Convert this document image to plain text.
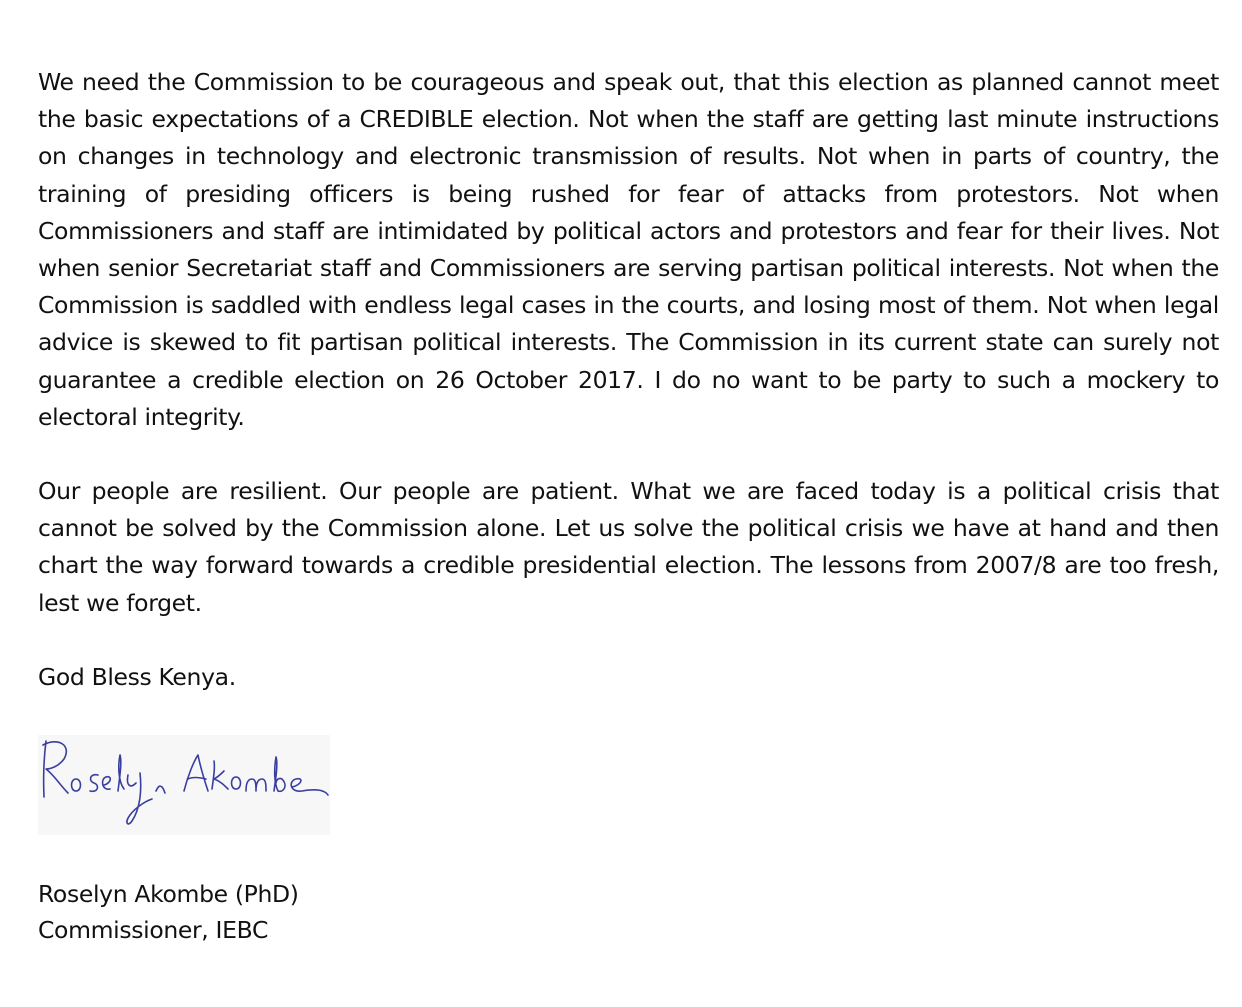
We need the Commission to be courageous and speak out, that this election as planned cannot meet the basic expectations of a CREDIBLE election. Not when the staff are getting last minute instructions on changes in technology and electronic transmission of results. Not when in parts of country, the training of presiding officers is being rushed for fear of attacks from protestors. Not when Commissioners and staff are intimidated by political actors and protestors and fear for their lives. Not when senior Secretariat staff and Commissioners are serving partisan political interests. Not when the Commission is saddled with endless legal cases in the courts, and losing most of them. Not when legal advice is skewed to fit partisan political interests. The Commission in its current state can surely not guarantee a credible election on 26 October 2017. I do no want to be party to such a mockery to electoral integrity.

Our people are resilient. Our people are patient. What we are faced today is a political crisis that cannot be solved by the Commission alone. Let us solve the political crisis we have at hand and then chart the way forward towards a credible presidential election. The lessons from 2007/8 are too fresh, lest we forget.

God Bless Kenya.

Roselyn Akombe (PhD)
Commissioner, IEBC
